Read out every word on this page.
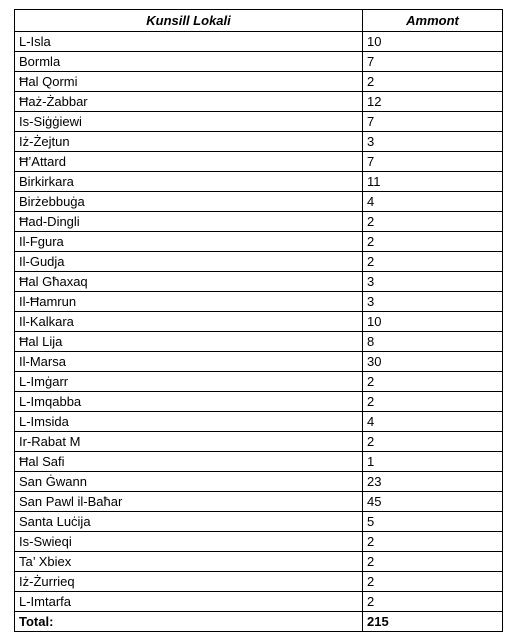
Kunsill Lokali	Ammont
L-Isla	10
Bormla	7
Ħal Qormi	2
Ħaż-Żabbar	12
Is-Siġġiewi	7
Iż-Żejtun	3
Ħ’Attard	7
Birkirkara	11
Birżebbuġa	4
Ħad-Dingli	2
Il-Fgura	2
Il-Gudja	2
Ħal Għaxaq	3
Il-Ħamrun	3
Il-Kalkara	10
Ħal Lija	8
Il-Marsa	30
L-Imġarr	2
L-Imqabba	2
L-Imsida	4
Ir-Rabat M	2
Ħal Safi	1
San Ġwann	23
San Pawl il-Baħar	45
Santa Luċija	5
Is-Swieqi	2
Ta’ Xbiex	2
Iż-Żurrieq	2
L-Imtarfa	2
Total:	215
